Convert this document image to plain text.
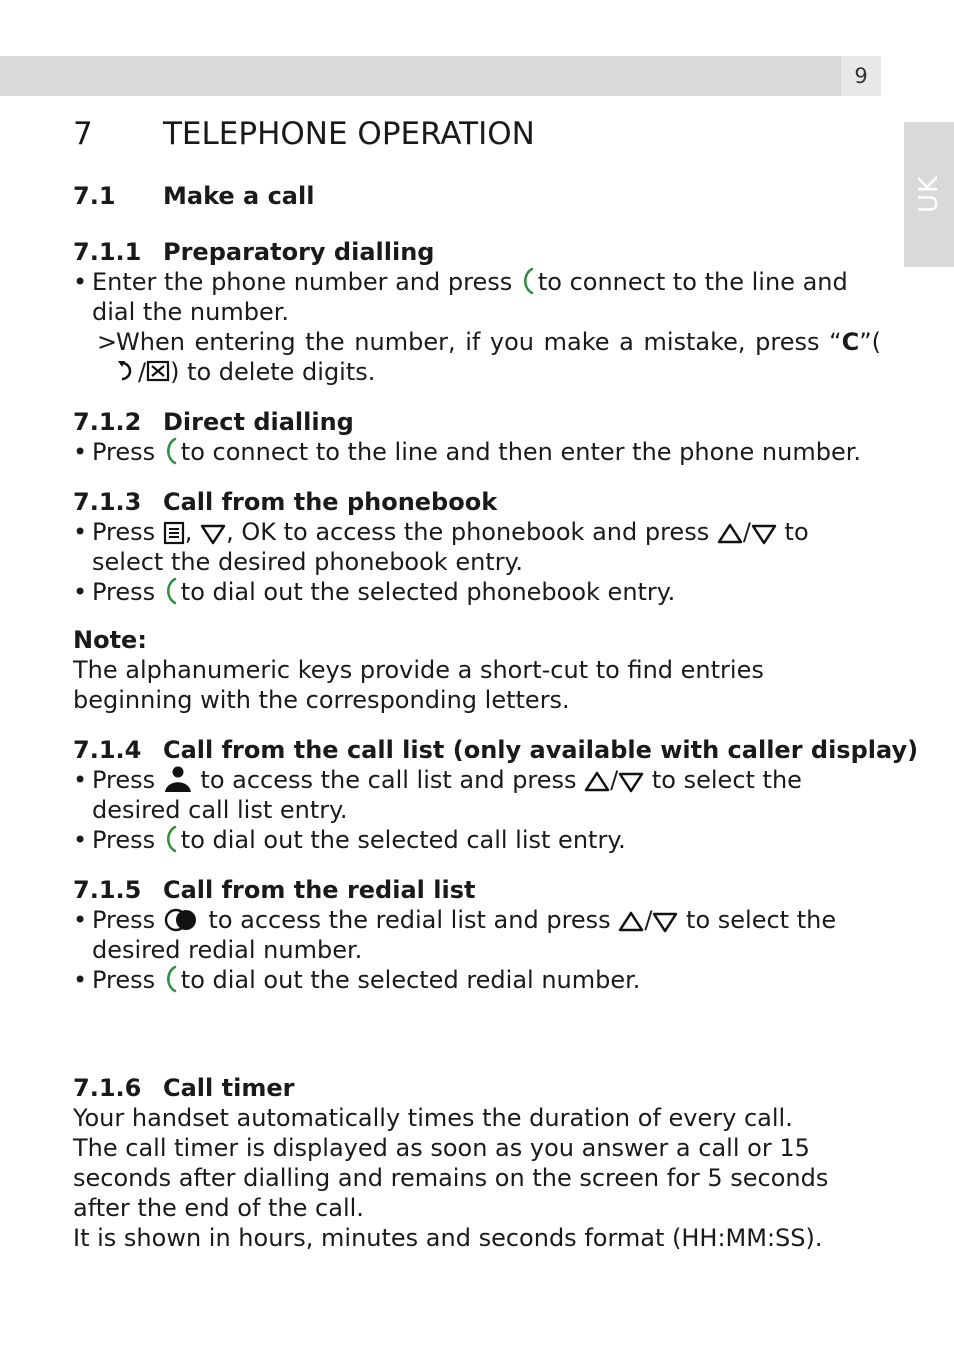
9
UK
7 TELEPHONE OPERATION
7.1 Make a call
7.1.1 Preparatory dialling
• Enter the phone number and press
to connect to the line and dial the number.
>
When entering the number, if you make a mistake, press “C”(
/ ) to delete digits.
7.1.2 Direct dialling
• Press
to connect to the line and then enter the phone number.
7.1.3 Call from the phonebook
• Press
,
, OK to access the phonebook and press
/
to select the desired phonebook entry.
• Press
to dial out the selected phonebook entry.
Note:
The alphanumeric keys provide a short-cut to find entries beginning with the corresponding letters.
7.1.4 Call from the call list (only available with caller display)
• Press
to access the call list and press
/
to select the desired call list entry.
• Press
to dial out the selected call list entry.
7.1.5 Call from the redial list
• Press
to access the redial list and press
/
to select the desired redial number.
• Press
to dial out the selected redial number.
7.1.6 Call timer
Your handset automatically times the duration of every call.
The call timer is displayed as soon as you answer a call or 15 seconds after dialling and remains on the screen for 5 seconds after the end of the call.
It is shown in hours, minutes and seconds format (HH:MM:SS).
